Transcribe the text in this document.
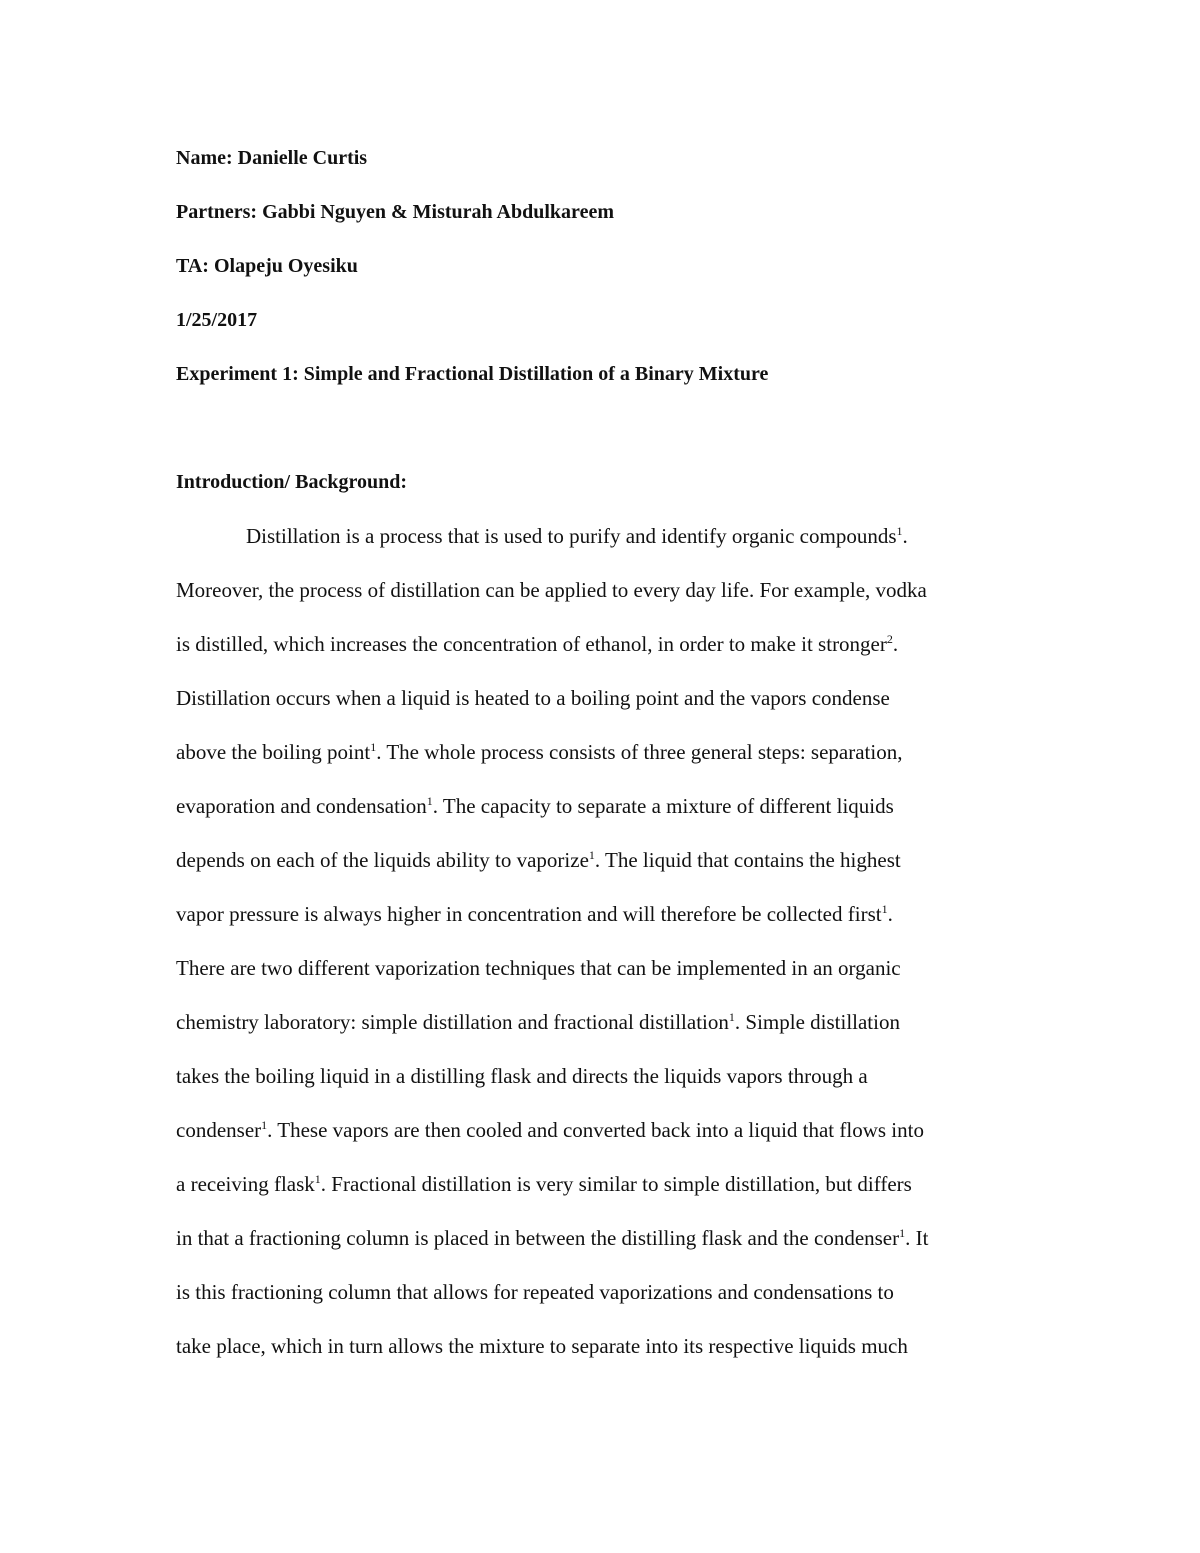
Name: Danielle Curtis
Partners: Gabbi Nguyen & Misturah Abdulkareem
TA: Olapeju Oyesiku
1/25/2017
Experiment 1: Simple and Fractional Distillation of a Binary Mixture
Introduction/ Background:
Distillation is a process that is used to purify and identify organic compounds$^1$.
Moreover, the process of distillation can be applied to every day life. For example, vodka
is distilled, which increases the concentration of ethanol, in order to make it stronger$^2$.
Distillation occurs when a liquid is heated to a boiling point and the vapors condense
above the boiling point$^1$. The whole process consists of three general steps: separation,
evaporation and condensation$^1$. The capacity to separate a mixture of different liquids
depends on each of the liquids ability to vaporize$^1$. The liquid that contains the highest
vapor pressure is always higher in concentration and will therefore be collected first$^1$.
There are two different vaporization techniques that can be implemented in an organic
chemistry laboratory: simple distillation and fractional distillation$^1$. Simple distillation
takes the boiling liquid in a distilling flask and directs the liquids vapors through a
condenser$^1$. These vapors are then cooled and converted back into a liquid that flows into
a receiving flask$^1$. Fractional distillation is very similar to simple distillation, but differs
in that a fractioning column is placed in between the distilling flask and the condenser$^1$. It
is this fractioning column that allows for repeated vaporizations and condensations to
take place, which in turn allows the mixture to separate into its respective liquids much
